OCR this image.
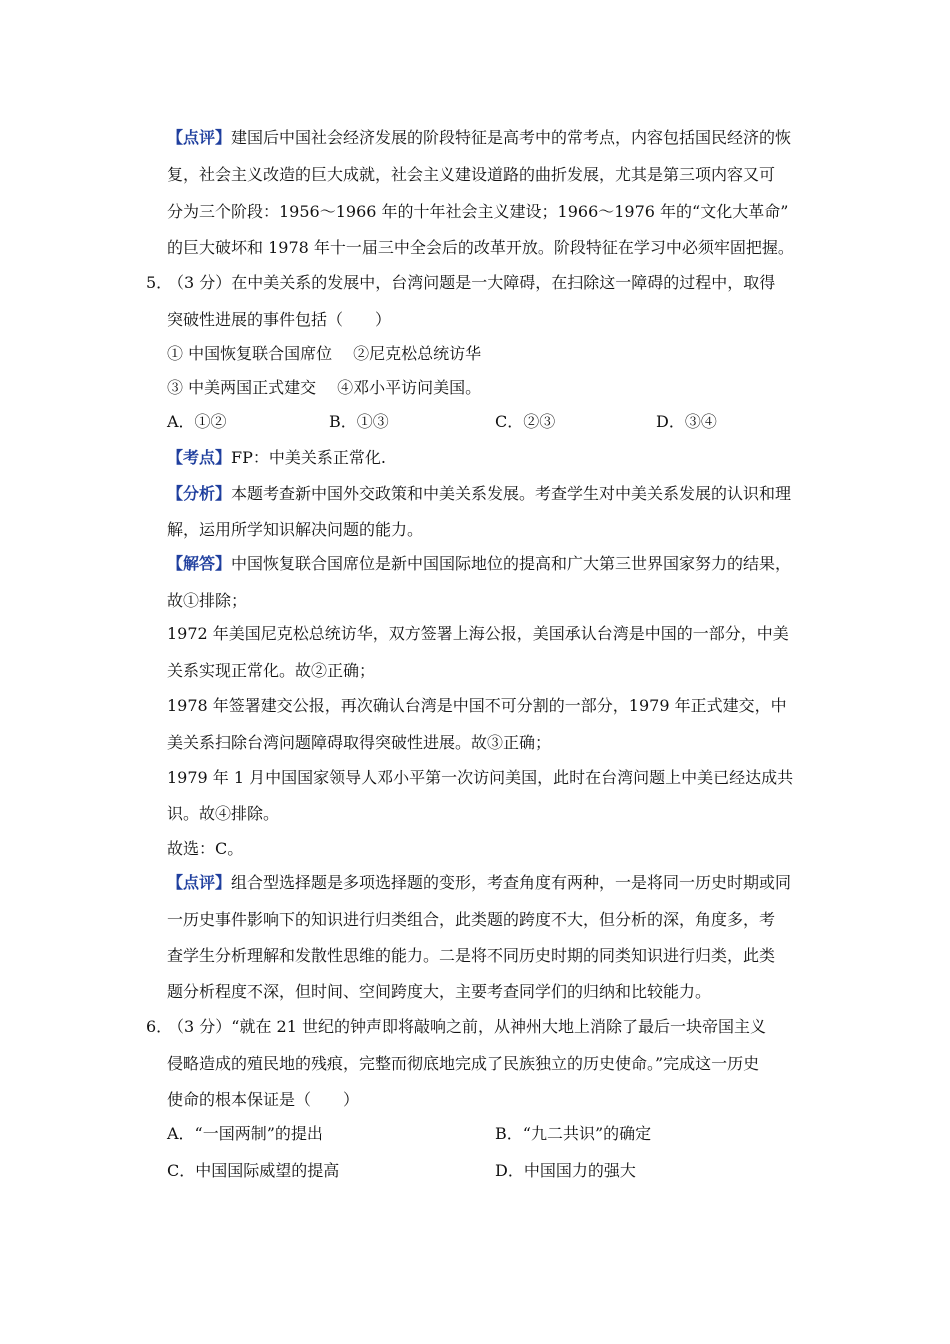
【点评】建国后中国社会经济发展的阶段特征是高考中的常考点，内容包括国民经济的恢
复，社会主义改造的巨大成就，社会主义建设道路的曲折发展，尤其是第三项内容又可
分为三个阶段：1956～1966 年的十年社会主义建设；1966～1976 年的“文化大革命”
的巨大破坏和 1978 年十一届三中全会后的改革开放。阶段特征在学习中必须牢固把握。
5．（3 分）在中美关系的发展中，台湾问题是一大障碍，在扫除这一障碍的过程中，取得
突破性进展的事件包括（　　）
① 中国恢复联合国席位　 ②尼克松总统访华
③ 中美两国正式建交　 ④邓小平访问美国。
A．①②	B．①③	C．②③	D．③④
【考点】FP：中美关系正常化.
【分析】本题考查新中国外交政策和中美关系发展。考查学生对中美关系发展的认识和理
解，运用所学知识解决问题的能力。
【解答】中国恢复联合国席位是新中国国际地位的提高和广大第三世界国家努力的结果，
故①排除；
1972 年美国尼克松总统访华，双方签署上海公报，美国承认台湾是中国的一部分，中美
关系实现正常化。故②正确；
1978 年签署建交公报，再次确认台湾是中国不可分割的一部分，1979 年正式建交，中
美关系扫除台湾问题障碍取得突破性进展。故③正确；
1979 年 1 月中国国家领导人邓小平第一次访问美国，此时在台湾问题上中美已经达成共
识。故④排除。
故选：C。
【点评】组合型选择题是多项选择题的变形，考查角度有两种，一是将同一历史时期或同
一历史事件影响下的知识进行归类组合，此类题的跨度不大，但分析的深，角度多，考
查学生分析理解和发散性思维的能力。二是将不同历史时期的同类知识进行归类，此类
题分析程度不深，但时间、空间跨度大，主要考查同学们的归纳和比较能力。
6．（3 分）“就在 21 世纪的钟声即将敲响之前，从神州大地上消除了最后一块帝国主义
侵略造成的殖民地的残痕，完整而彻底地完成了民族独立的历史使命。”完成这一历史
使命的根本保证是（　　）
A．“一国两制”的提出	B．“九二共识”的确定
C．中国国际威望的提高	D．中国国力的强大
